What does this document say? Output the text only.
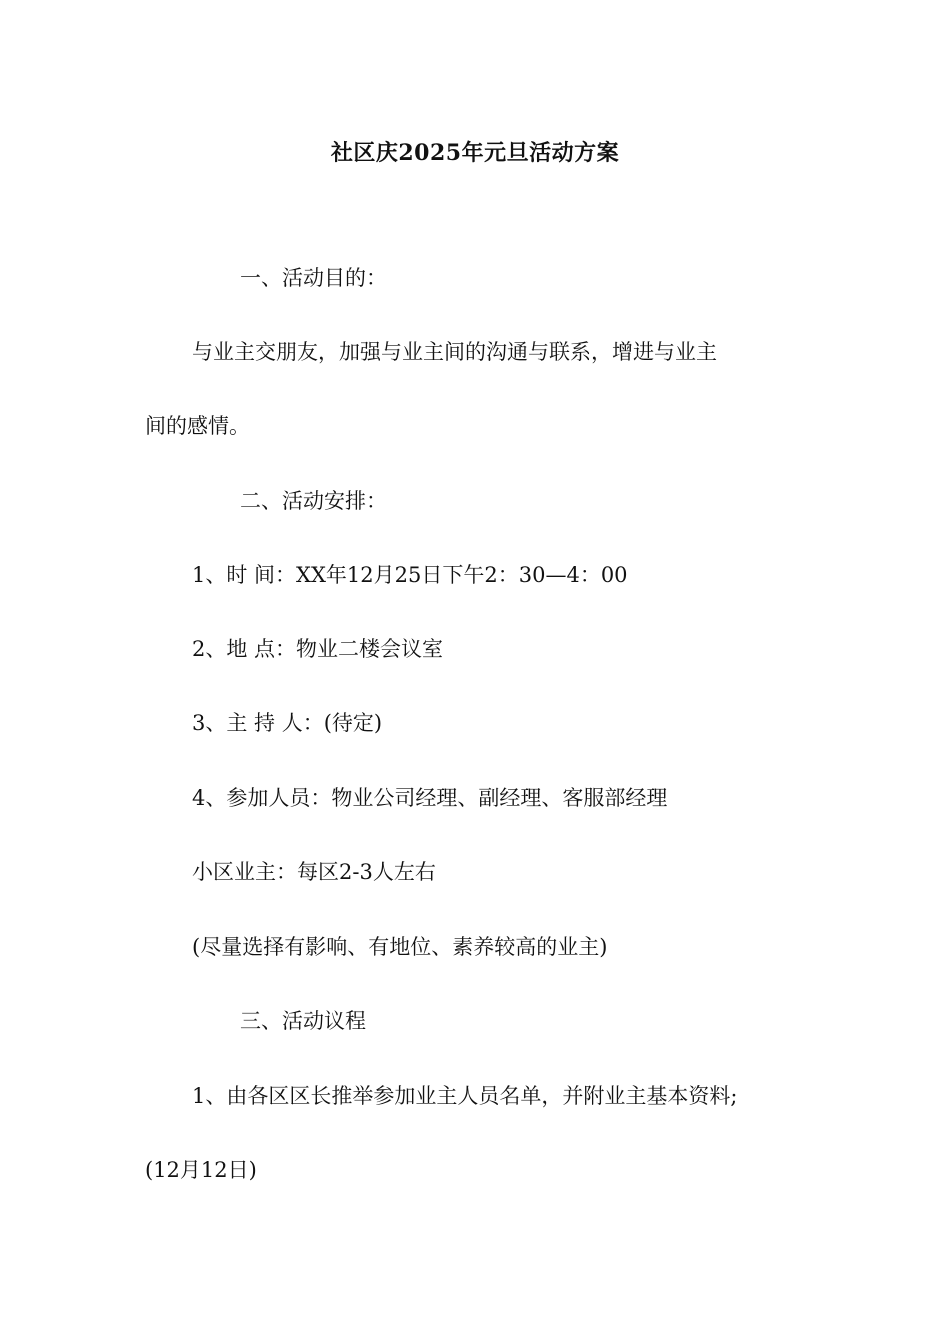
社区庆2025年元旦活动方案

一、活动目的：

与业主交朋友，加强与业主间的沟通与联系，增进与业主

间的感情。

二、活动安排：

1、时 间：XX年12月25日下午2：30—4：00

2、地 点：物业二楼会议室

3、主 持 人：(待定)

4、参加人员：物业公司经理、副经理、客服部经理

小区业主：每区2-3人左右

(尽量选择有影响、有地位、素养较高的业主)

三、活动议程

1、由各区区长推举参加业主人员名单，并附业主基本资料;

(12月12日)
